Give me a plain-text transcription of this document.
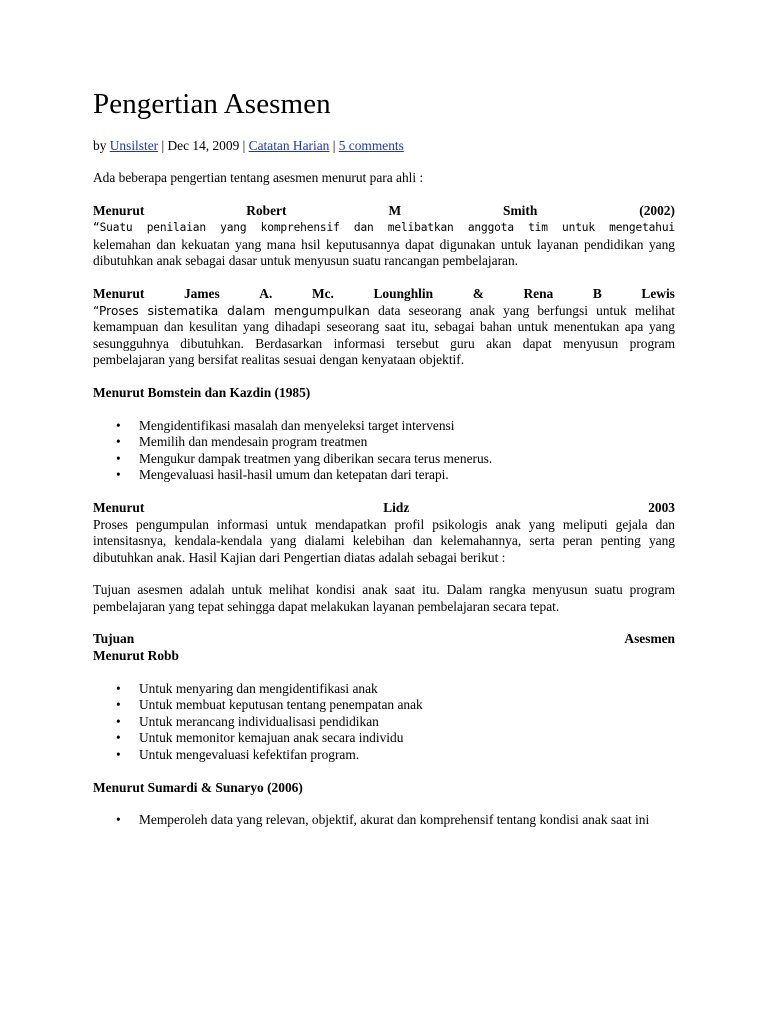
Pengertian Asesmen
by Unsilster | Dec 14, 2009 | Catatan Harian | 5 comments

Ada beberapa pengertian tentang asesmen menurut para ahli :

Menurut	Robert	M	Smith	(2002)

“Suatu penilaian yang komprehensif dan melibatkan anggota tim untuk mengetahui

kelemahan dan kekuatan yang mana hsil keputusannya dapat digunakan untuk layanan pendidikan yang dibutuhkan anak sebagai dasar untuk menyusun suatu rancangan pembelajaran.

Menurut	James	A.	Mc.	Lounghlin	&	Rena	B	Lewis

“Proses sistematika dalam mengumpulkan data seseorang anak yang berfungsi untuk melihat kemampuan dan kesulitan yang dihadapi seseorang saat itu, sebagai bahan untuk menentukan apa yang sesungguhnya dibutuhkan. Berdasarkan informasi tersebut guru akan dapat menyusun program pembelajaran yang bersifat realitas sesuai dengan kenyataan objektif.

Menurut Bomstein dan Kazdin (1985)

• Mengidentifikasi masalah dan menyeleksi target intervensi
• Memilih dan mendesain program treatmen
• Mengukur dampak treatmen yang diberikan secara terus menerus.
• Mengevaluasi hasil-hasil umum dan ketepatan dari terapi.
Menurut	Lidz	2003

Proses pengumpulan informasi untuk mendapatkan profil psikologis anak yang meliputi gejala dan intensitasnya, kendala-kendala yang dialami kelebihan dan kelemahannya, serta peran penting yang dibutuhkan anak. Hasil Kajian dari Pengertian diatas adalah sebagai berikut :

Tujuan asesmen adalah untuk melihat kondisi anak saat itu. Dalam rangka menyusun suatu program pembelajaran yang tepat sehingga dapat melakukan layanan pembelajaran secara tepat.

Tujuan	Asesmen

Menurut Robb

• Untuk menyaring dan mengidentifikasi anak
• Untuk membuat keputusan tentang penempatan anak
• Untuk merancang individualisasi pendidikan
• Untuk memonitor kemajuan anak secara individu
• Untuk mengevaluasi kefektifan program.

Menurut Sumardi & Sunaryo (2006)

• Memperoleh data yang relevan, objektif, akurat dan komprehensif tentang kondisi anak saat ini
